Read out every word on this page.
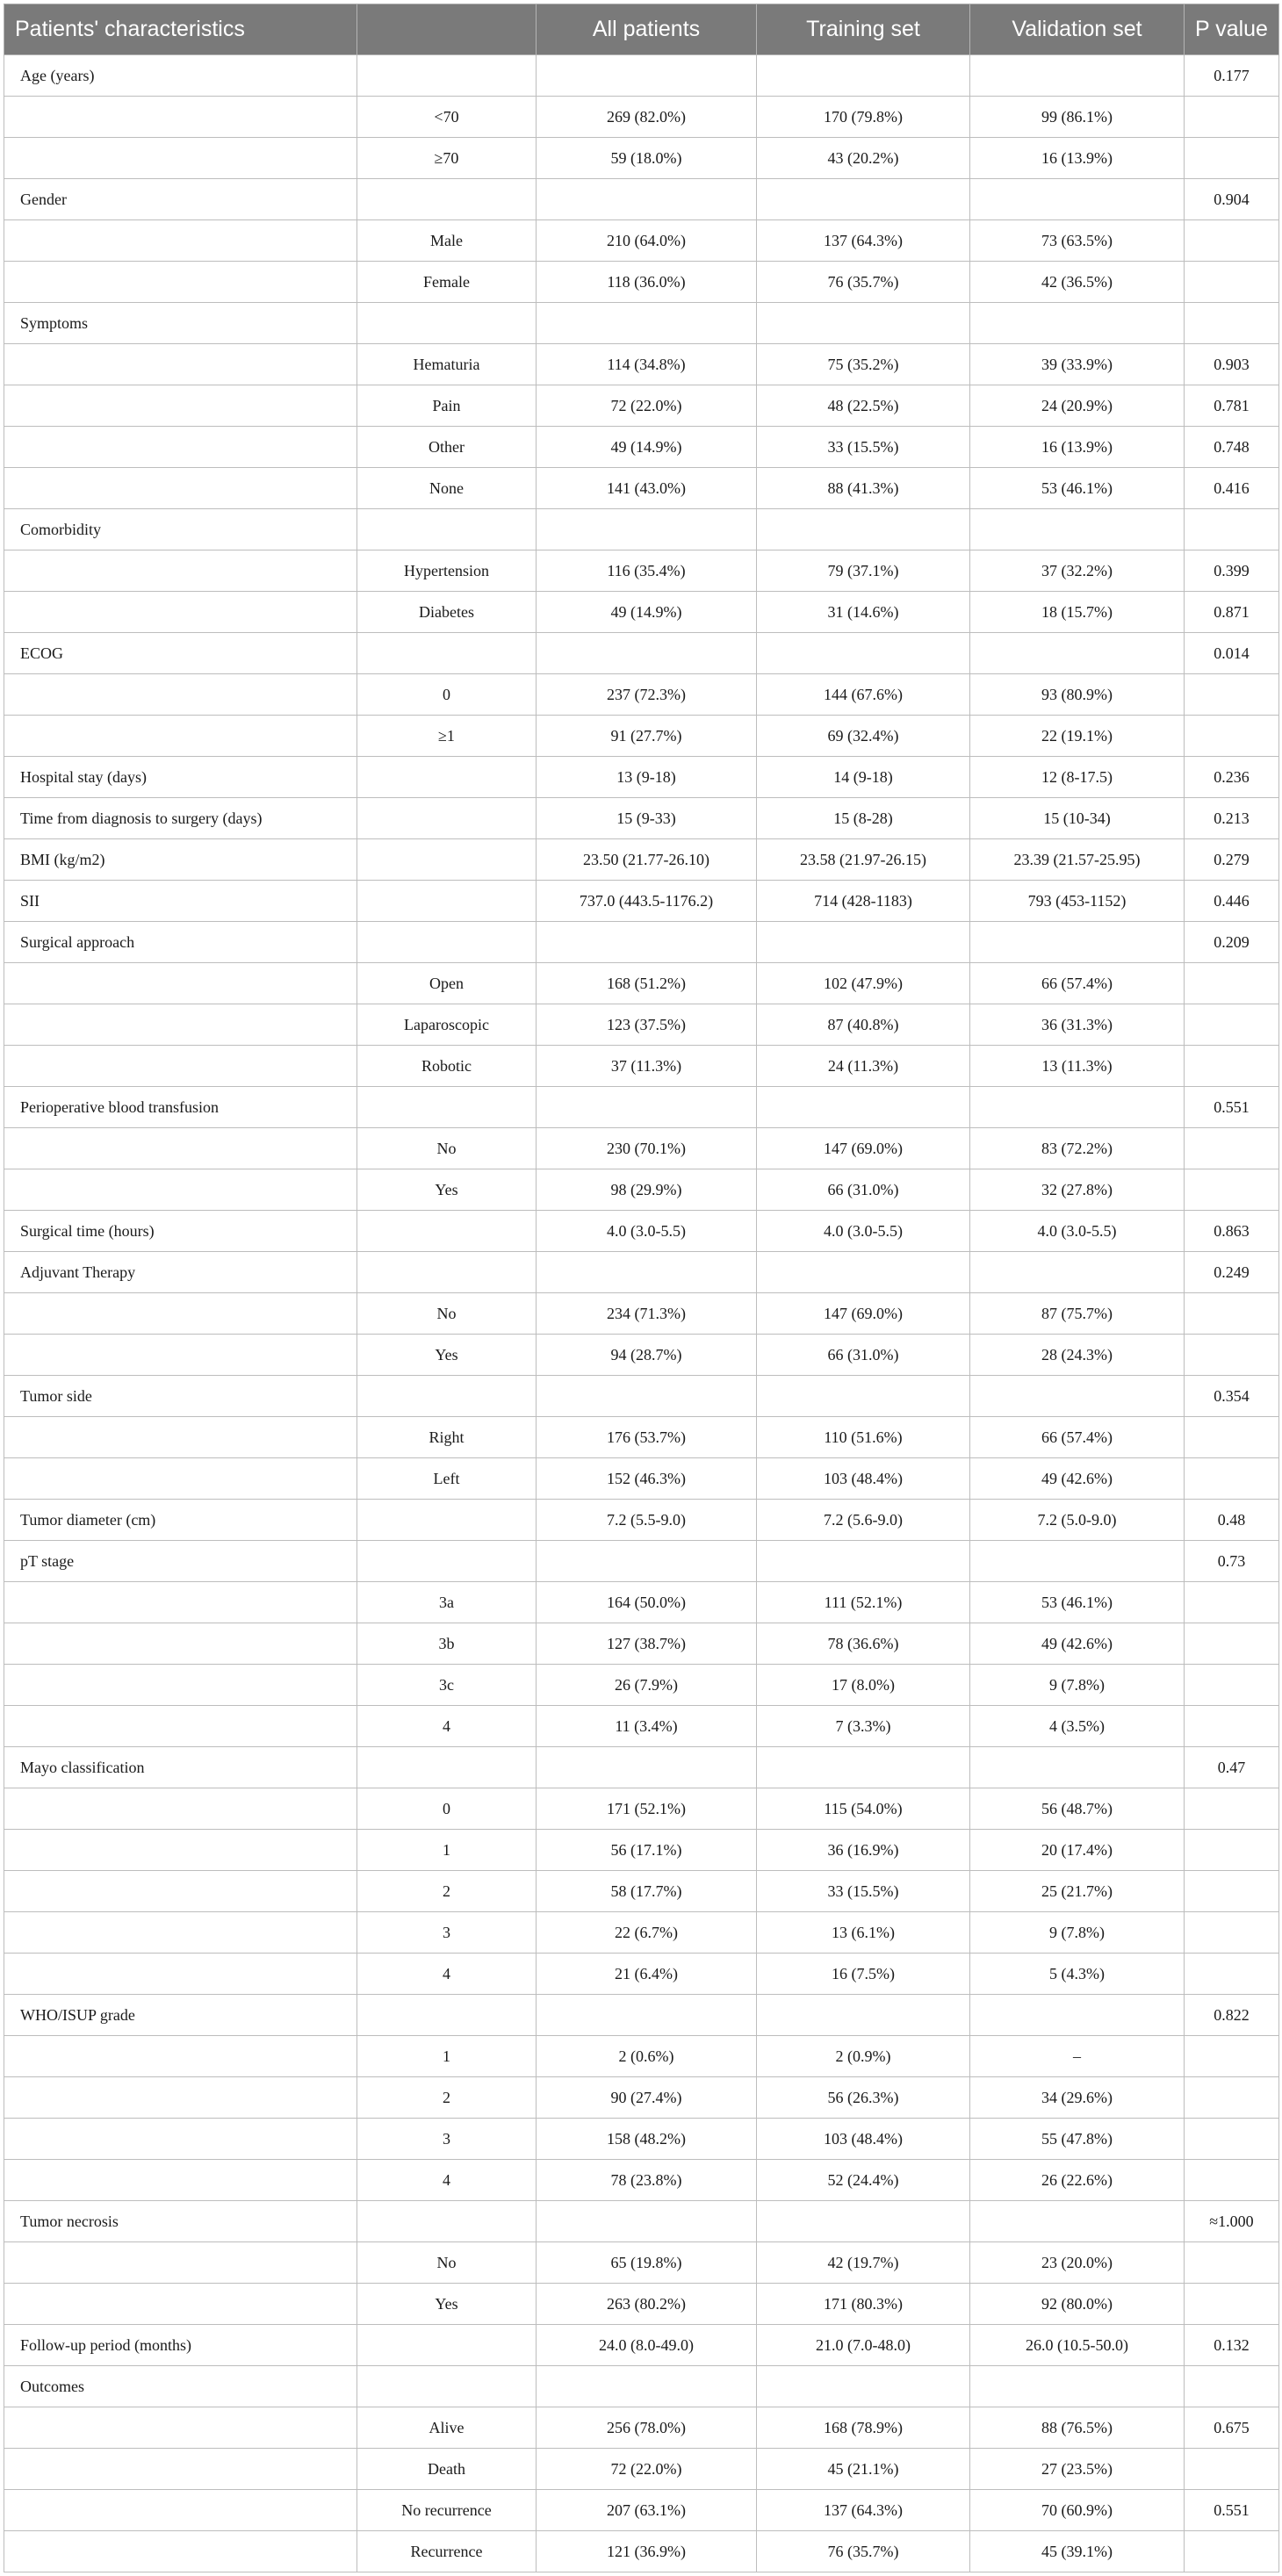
Patients' characteristics		All patients	Training set	Validation set	P value
Age (years)					0.177
	<70	269 (82.0%)	170 (79.8%)	99 (86.1%)	
	≥70	59 (18.0%)	43 (20.2%)	16 (13.9%)	
Gender					0.904
	Male	210 (64.0%)	137 (64.3%)	73 (63.5%)	
	Female	118 (36.0%)	76 (35.7%)	42 (36.5%)	
Symptoms					
	Hematuria	114 (34.8%)	75 (35.2%)	39 (33.9%)	0.903
	Pain	72 (22.0%)	48 (22.5%)	24 (20.9%)	0.781
	Other	49 (14.9%)	33 (15.5%)	16 (13.9%)	0.748
	None	141 (43.0%)	88 (41.3%)	53 (46.1%)	0.416
Comorbidity					
	Hypertension	116 (35.4%)	79 (37.1%)	37 (32.2%)	0.399
	Diabetes	49 (14.9%)	31 (14.6%)	18 (15.7%)	0.871
ECOG					0.014
	0	237 (72.3%)	144 (67.6%)	93 (80.9%)	
	≥1	91 (27.7%)	69 (32.4%)	22 (19.1%)	
Hospital stay (days)		13 (9-18)	14 (9-18)	12 (8-17.5)	0.236
Time from diagnosis to surgery (days)		15 (9-33)	15 (8-28)	15 (10-34)	0.213
BMI (kg/m2)		23.50 (21.77-26.10)	23.58 (21.97-26.15)	23.39 (21.57-25.95)	0.279
SII		737.0 (443.5-1176.2)	714 (428-1183)	793 (453-1152)	0.446
Surgical approach					0.209
	Open	168 (51.2%)	102 (47.9%)	66 (57.4%)	
	Laparoscopic	123 (37.5%)	87 (40.8%)	36 (31.3%)	
	Robotic	37 (11.3%)	24 (11.3%)	13 (11.3%)	
Perioperative blood transfusion					0.551
	No	230 (70.1%)	147 (69.0%)	83 (72.2%)	
	Yes	98 (29.9%)	66 (31.0%)	32 (27.8%)	
Surgical time (hours)		4.0 (3.0-5.5)	4.0 (3.0-5.5)	4.0 (3.0-5.5)	0.863
Adjuvant Therapy					0.249
	No	234 (71.3%)	147 (69.0%)	87 (75.7%)	
	Yes	94 (28.7%)	66 (31.0%)	28 (24.3%)	
Tumor side					0.354
	Right	176 (53.7%)	110 (51.6%)	66 (57.4%)	
	Left	152 (46.3%)	103 (48.4%)	49 (42.6%)	
Tumor diameter (cm)		7.2 (5.5-9.0)	7.2 (5.6-9.0)	7.2 (5.0-9.0)	0.48
pT stage					0.73
	3a	164 (50.0%)	111 (52.1%)	53 (46.1%)	
	3b	127 (38.7%)	78 (36.6%)	49 (42.6%)	
	3c	26 (7.9%)	17 (8.0%)	9 (7.8%)	
	4	11 (3.4%)	7 (3.3%)	4 (3.5%)	
Mayo classification					0.47
	0	171 (52.1%)	115 (54.0%)	56 (48.7%)	
	1	56 (17.1%)	36 (16.9%)	20 (17.4%)	
	2	58 (17.7%)	33 (15.5%)	25 (21.7%)	
	3	22 (6.7%)	13 (6.1%)	9 (7.8%)	
	4	21 (6.4%)	16 (7.5%)	5 (4.3%)	
WHO/ISUP grade					0.822
	1	2 (0.6%)	2 (0.9%)	–	
	2	90 (27.4%)	56 (26.3%)	34 (29.6%)	
	3	158 (48.2%)	103 (48.4%)	55 (47.8%)	
	4	78 (23.8%)	52 (24.4%)	26 (22.6%)	
Tumor necrosis					≈1.000
	No	65 (19.8%)	42 (19.7%)	23 (20.0%)	
	Yes	263 (80.2%)	171 (80.3%)	92 (80.0%)	
Follow-up period (months)		24.0 (8.0-49.0)	21.0 (7.0-48.0)	26.0 (10.5-50.0)	0.132
Outcomes					
	Alive	256 (78.0%)	168 (78.9%)	88 (76.5%)	0.675
	Death	72 (22.0%)	45 (21.1%)	27 (23.5%)	
	No recurrence	207 (63.1%)	137 (64.3%)	70 (60.9%)	0.551
	Recurrence	121 (36.9%)	76 (35.7%)	45 (39.1%)	
